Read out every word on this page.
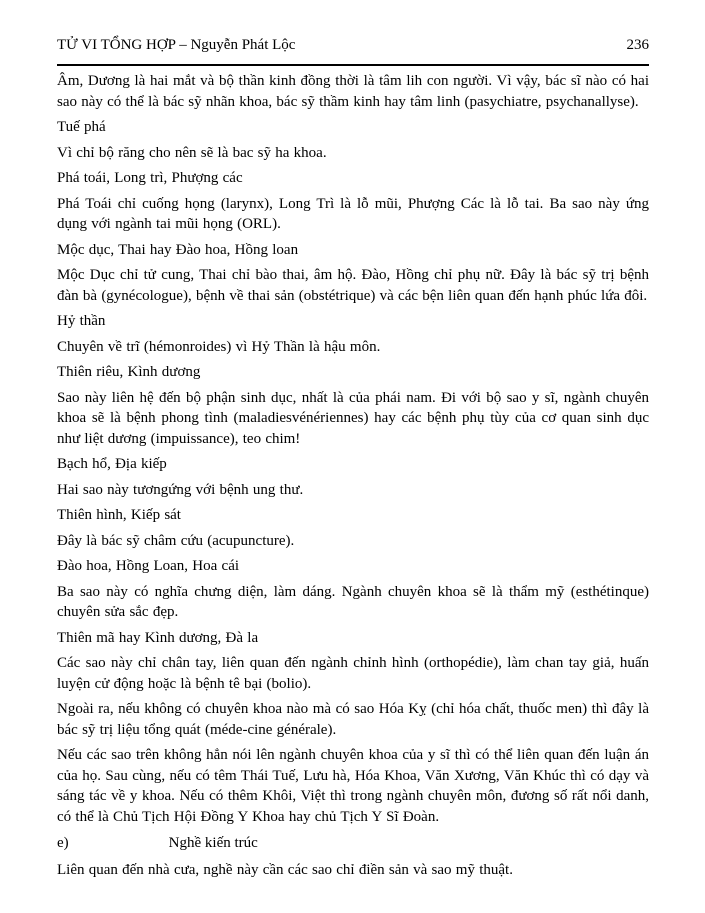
TỬ VI TỔNG HỢP – Nguyễn Phát Lộc	236

Âm, Dương là hai mắt và bộ thần kinh đồng thời là tâm lih con người. Vì vậy, bác sĩ nào có hai sao này có thể là bác sỹ nhãn khoa, bác sỹ thầm kinh hay tâm linh (pasychiatre, psychanallyse).

Tuế phá

Vì chỉ bộ răng cho nên sẽ là bac sỹ ha khoa.

Phá toái, Long trì, Phượng các

Phá Toái chỉ cuống họng (larynx), Long Trì là lỗ mũi, Phượng Các là lỗ tai. Ba sao này ứng dụng với ngành tai mũi họng (ORL).

Mộc dục, Thai hay Đào hoa, Hồng loan

Mộc Dục chỉ tử cung, Thai chỉ bào thai, âm hộ. Đào, Hồng chỉ phụ nữ. Đây là bác sỹ trị bệnh đàn bà (gynécologue), bệnh về thai sản (obstétrique) và các bện liên quan đến hạnh phúc lứa đôi.

Hỷ thần

Chuyên về trĩ (hémonroides) vì Hỷ Thần là hậu môn.

Thiên riêu, Kình dương

Sao này liên hệ đến bộ phận sinh dục, nhất là của phái nam. Đi với bộ sao y sĩ, ngành chuyên khoa sẽ là bệnh phong tình (maladiesvénériennes) hay các bệnh phụ tùy của cơ quan sinh dục như liệt dương (impuissance), teo chim!

Bạch hổ, Địa kiếp

Hai sao này tươngứng với bệnh ung thư.

Thiên hình, Kiếp sát

Đây là bác sỹ châm cứu (acupuncture).

Đào hoa, Hồng Loan, Hoa cái

Ba sao này có nghĩa chưng diện, làm dáng. Ngành chuyên khoa sẽ là thẩm mỹ (esthétinque) chuyên sửa sắc đẹp.

Thiên mã hay Kình dương, Đà la

Các sao này chỉ chân tay, liên quan đến ngành chỉnh hình (orthopédie), làm chan tay giả, huấn luyện cử động hoặc là bệnh tê bại (bolio).

Ngoài ra, nếu không có chuyên khoa nào mà có sao Hóa Kỵ (chỉ hóa chất, thuốc men) thì đây là bác sỹ trị liệu tổng quát (méde-cine générale).

Nếu các sao trên không hẳn nói lên ngành chuyên khoa của y sĩ thì có thể liên quan đến luận án của họ. Sau cùng, nếu có têm Thái Tuế, Lưu hà, Hóa Khoa, Văn Xương, Văn Khúc thì có dạy và sáng tác về y khoa. Nếu có thêm Khôi, Việt thì trong ngành chuyên môn, đương số rất nổi danh, có thể là Chủ Tịch Hội Đồng Y Khoa hay chủ Tịch Y Sĩ Đoàn.

e)	Nghề kiến trúc

Liên quan đến nhà cưa, nghề này cần các sao chỉ điền sản và sao mỹ thuật.
